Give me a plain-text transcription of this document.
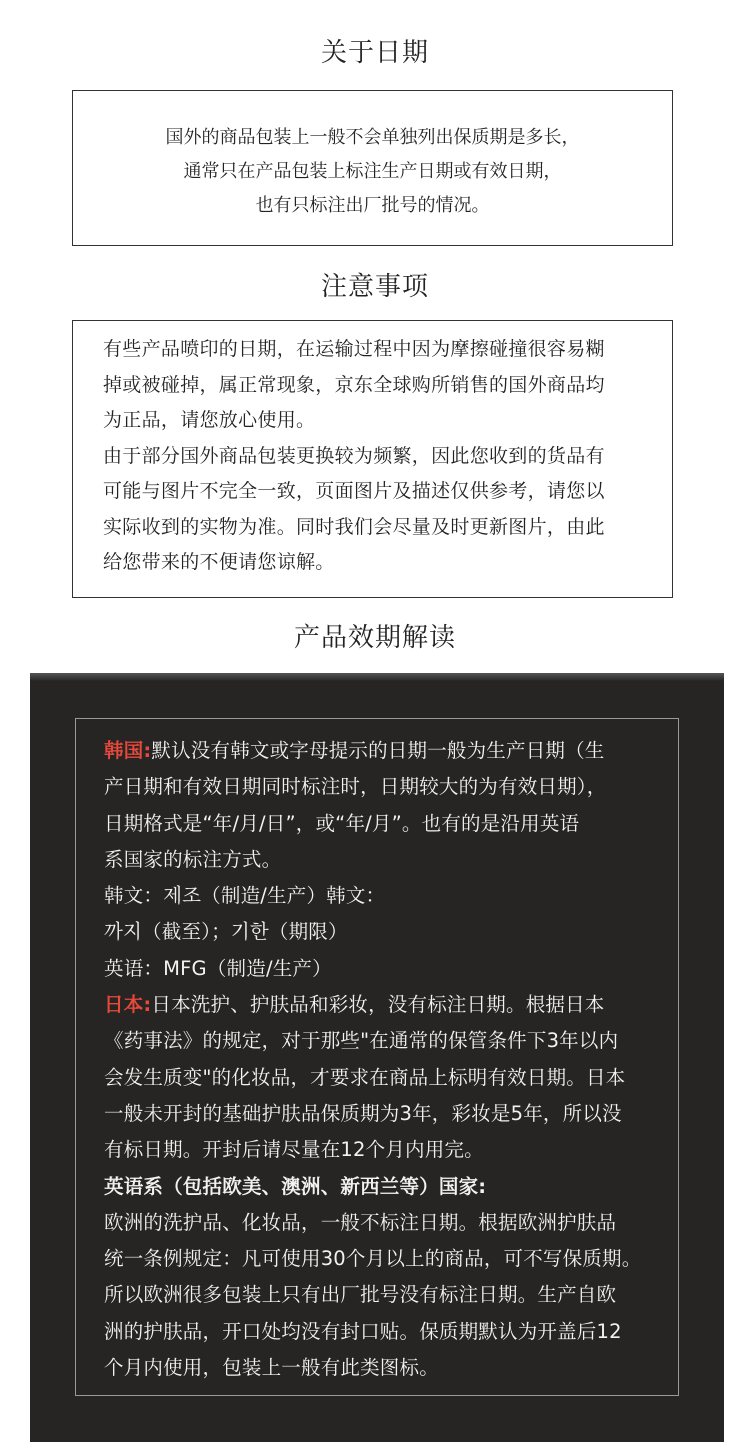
关于日期

国外的商品包装上一般不会单独列出保质期是多长，

通常只在产品包装上标注生产日期或有效日期，

也有只标注出厂批号的情况。

注意事项

有些产品喷印的日期，在运输过程中因为摩擦碰撞很容易糊

掉或被碰掉，属正常现象，京东全球购所销售的国外商品均

为正品，请您放心使用。

由于部分国外商品包装更换较为频繁，因此您收到的货品有

可能与图片不完全一致，页面图片及描述仅供参考，请您以

实际收到的实物为准。同时我们会尽量及时更新图片，由此

给您带来的不便请您谅解。

产品效期解读

韩国:默认没有韩文或字母提示的日期一般为生产日期（生

产日期和有效日期同时标注时，日期较大的为有效日期），

日期格式是“年/月/日”，或“年/月”。也有的是沿用英语

系国家的标注方式。

韩文：제조（制造/生产）韩文：

까지（截至）；기한（期限）

英语：MFG（制造/生产）

日本:日本洗护、护肤品和彩妆，没有标注日期。根据日本

《药事法》的规定，对于那些"在通常的保管条件下3年以内

会发生质变"的化妆品，才要求在商品上标明有效日期。日本

一般未开封的基础护肤品保质期为3年，彩妆是5年，所以没

有标日期。开封后请尽量在12个月内用完。

英语系（包括欧美、澳洲、新西兰等）国家:

欧洲的洗护品、化妆品，一般不标注日期。根据欧洲护肤品

统一条例规定：凡可使用30个月以上的商品，可不写保质期。

所以欧洲很多包装上只有出厂批号没有标注日期。生产自欧

洲的护肤品，开口处均没有封口贴。保质期默认为开盖后12

个月内使用，包装上一般有此类图标。
